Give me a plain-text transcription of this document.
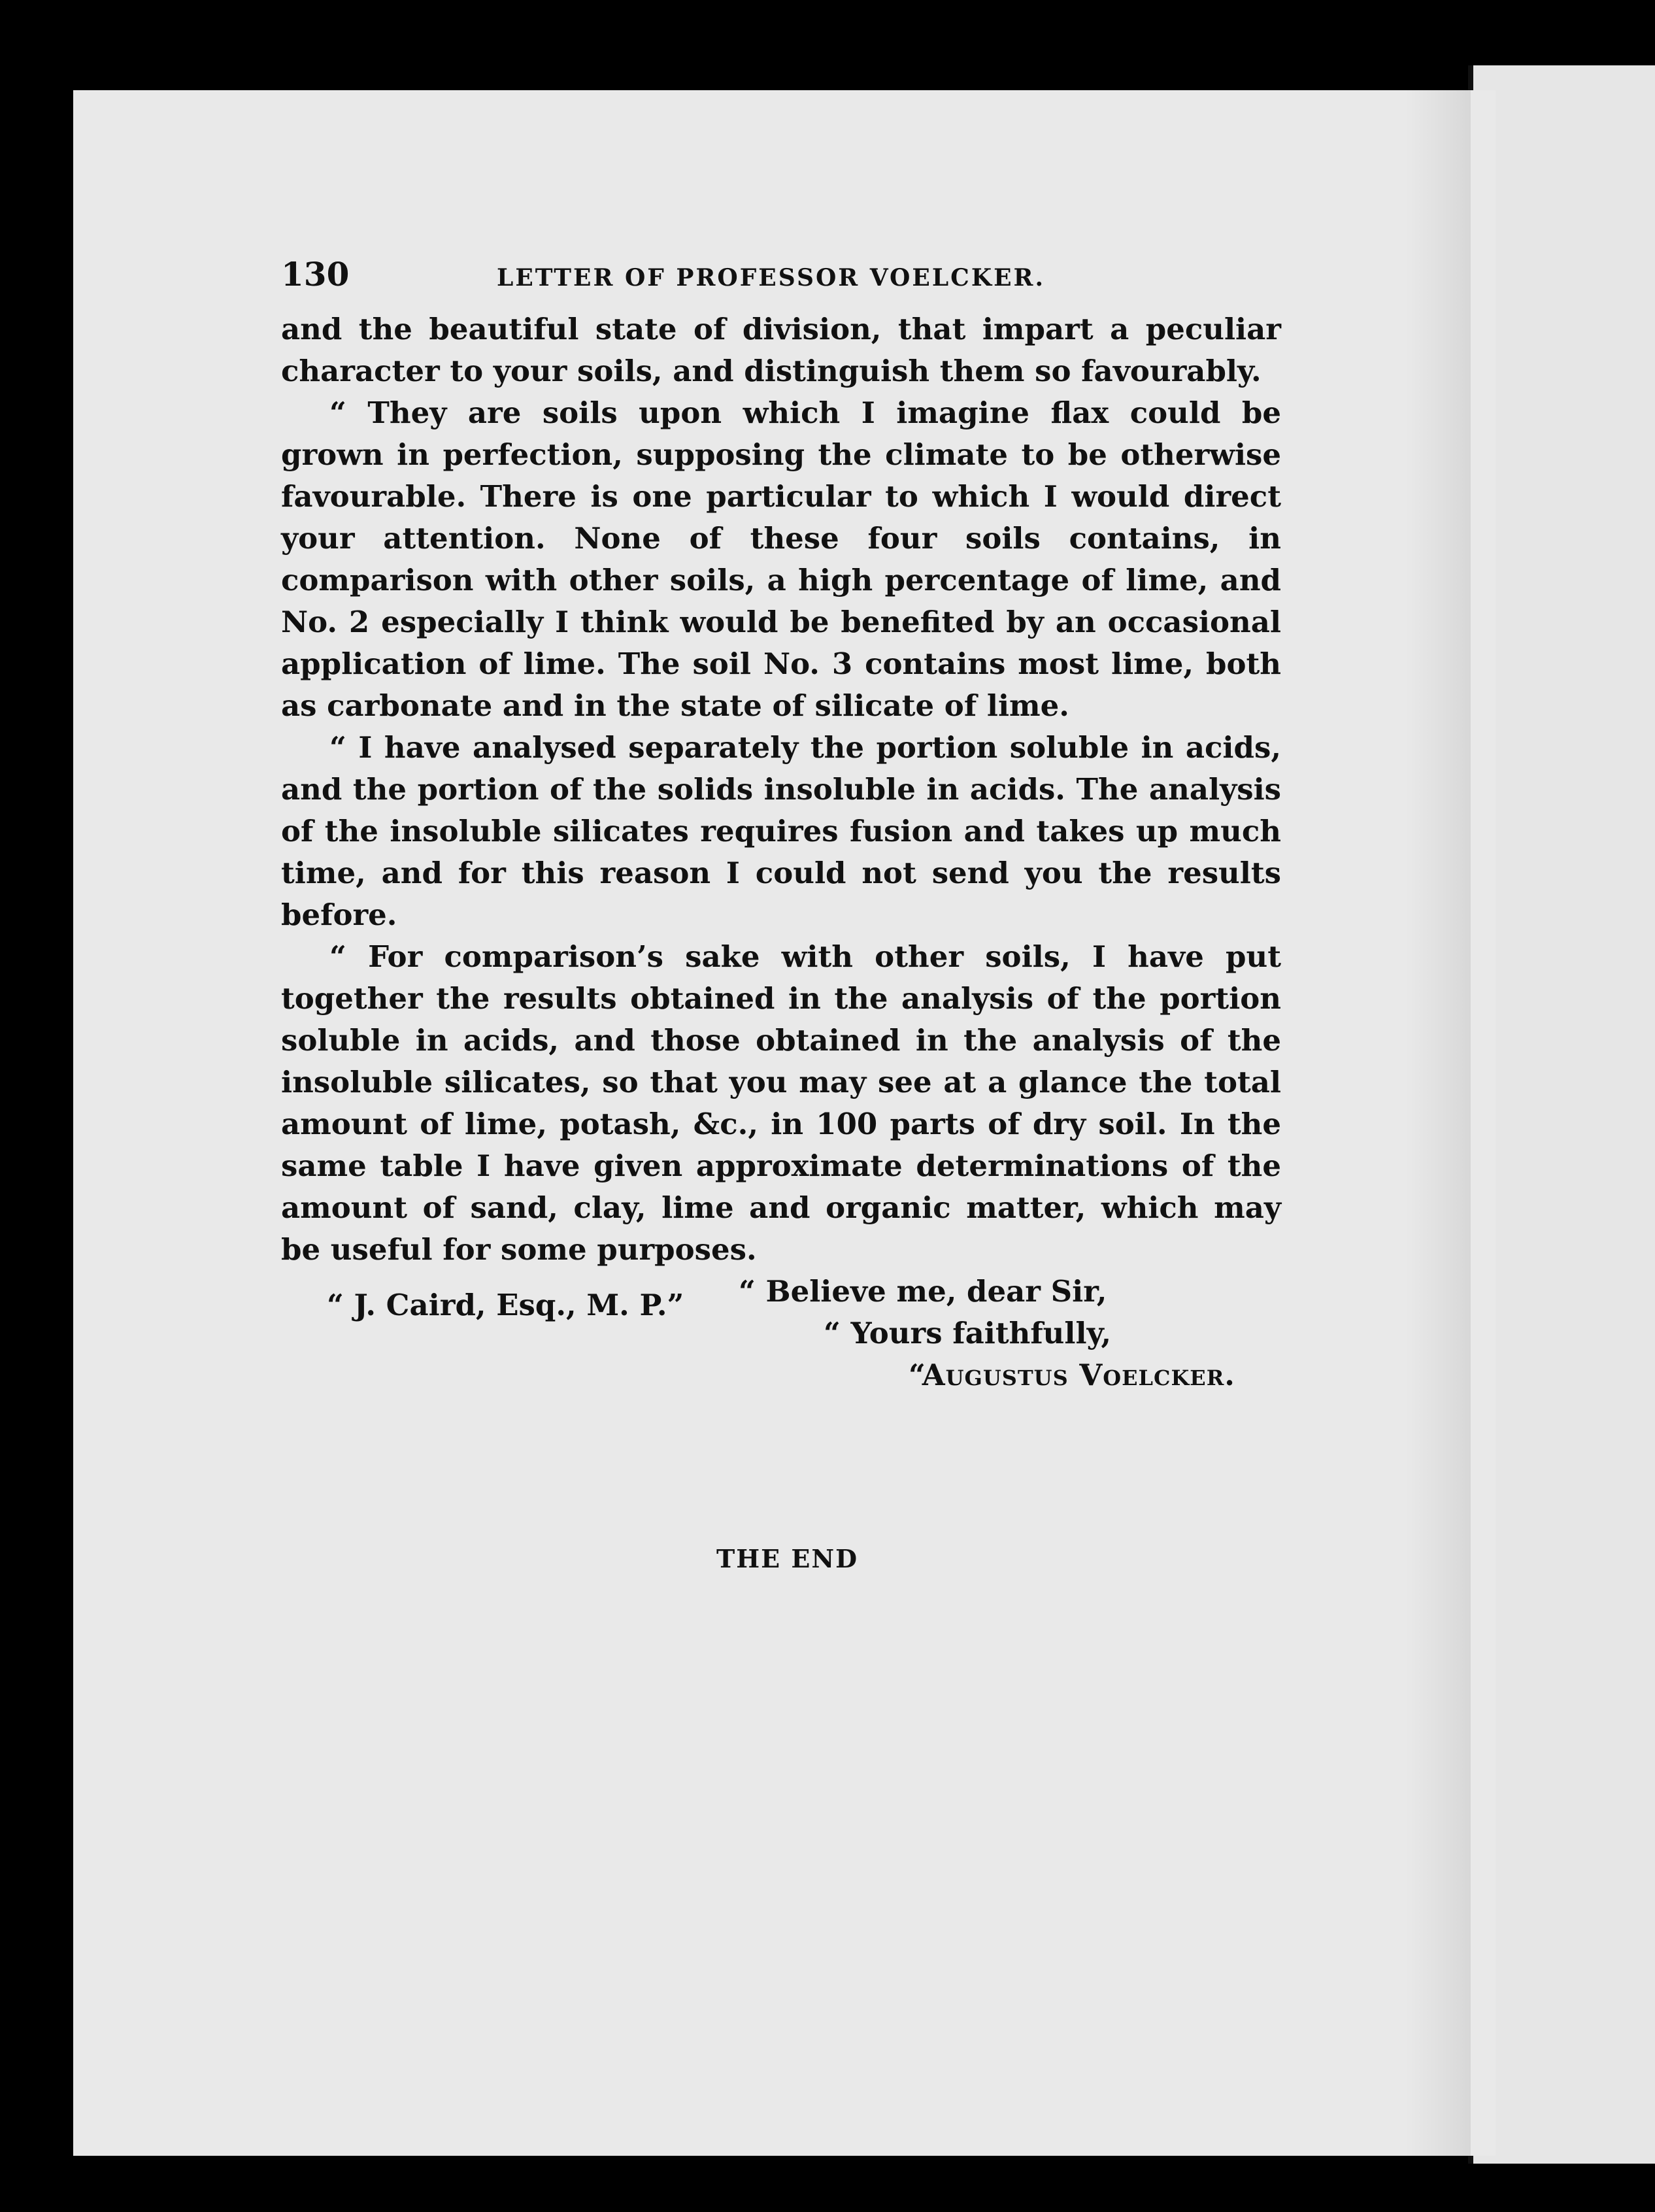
130	LETTER OF PROFESSOR VOELCKER.

and the beautiful state of division, that impart a peculiar character to your soils, and distinguish them so favourably.

“ They are soils upon which I imagine flax could be grown in perfection, supposing the climate to be otherwise favourable. There is one particular to which I would direct your attention. None of these four soils contains, in comparison with other soils, a high percentage of lime, and No. 2 especially I think would be benefited by an occasional application of lime. The soil No. 3 contains most lime, both as carbonate and in the state of silicate of lime.

“ I have analysed separately the portion soluble in acids, and the portion of the solids insoluble in acids. The analysis of the insoluble silicates requires fusion and takes up much time, and for this reason I could not send you the results before.

“ For comparison’s sake with other soils, I have put together the results obtained in the analysis of the portion soluble in acids, and those obtained in the analysis of the insoluble silicates, so that you may see at a glance the total amount of lime, potash, &c., in 100 parts of dry soil. In the same table I have given approximate determinations of the amount of sand, clay, lime and organic matter, which may be useful for some purposes.

“ Believe me, dear Sir,
“ Yours faithfully,
“Augustus Voelcker.
“ J. Caird, Esq., M. P.”
THE END
